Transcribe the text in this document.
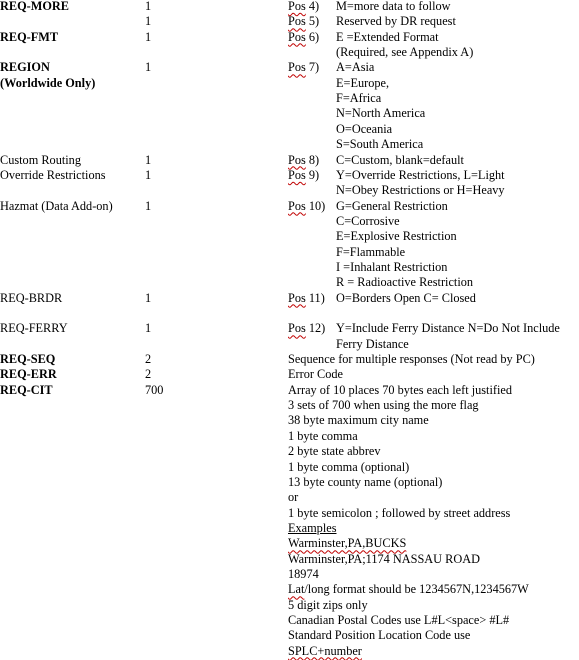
REQ-MORE	1	Pos 4) M=more data to follow
1	Pos 5) Reserved by DR request
REQ-FMT	1	Pos 6) E =Extended Format
(Required, see Appendix A)
REGION	1	Pos 7) A=Asia
(Worldwide Only)	E=Europe,
F=Africa
N=North America
O=Oceania
S=South America
Custom Routing	1	Pos 8) C=Custom, blank=default
Override Restrictions	1	Pos 9) Y=Override Restrictions, L=Light
N=Obey Restrictions or H=Heavy
Hazmat (Data Add-on)	1	Pos 10) G=General Restriction
C=Corrosive
E=Explosive Restriction
F=Flammable
I =Inhalant Restriction
R = Radioactive Restriction
REQ-BRDR	1	Pos 11) O=Borders Open C= Closed
REQ-FERRY	1	Pos 12) Y=Include Ferry Distance N=Do Not Include
Ferry Distance
REQ-SEQ	2	Sequence for multiple responses (Not read by PC)
REQ-ERR	2	Error Code
REQ-CIT	700	Array of 10 places 70 bytes each left justified
3 sets of 700 when using the more flag
38 byte maximum city name
1 byte comma
2 byte state abbrev
1 byte comma (optional)
13 byte county name (optional)
or
1 byte semicolon ; followed by street address
Examples
Warminster,PA,BUCKS
Warminster,PA;1174 NASSAU ROAD
18974
Lat/long format should be 1234567N,1234567W
5 digit zips only
Canadian Postal Codes use L#L<space> #L#
Standard Position Location Code use
SPLC+number
